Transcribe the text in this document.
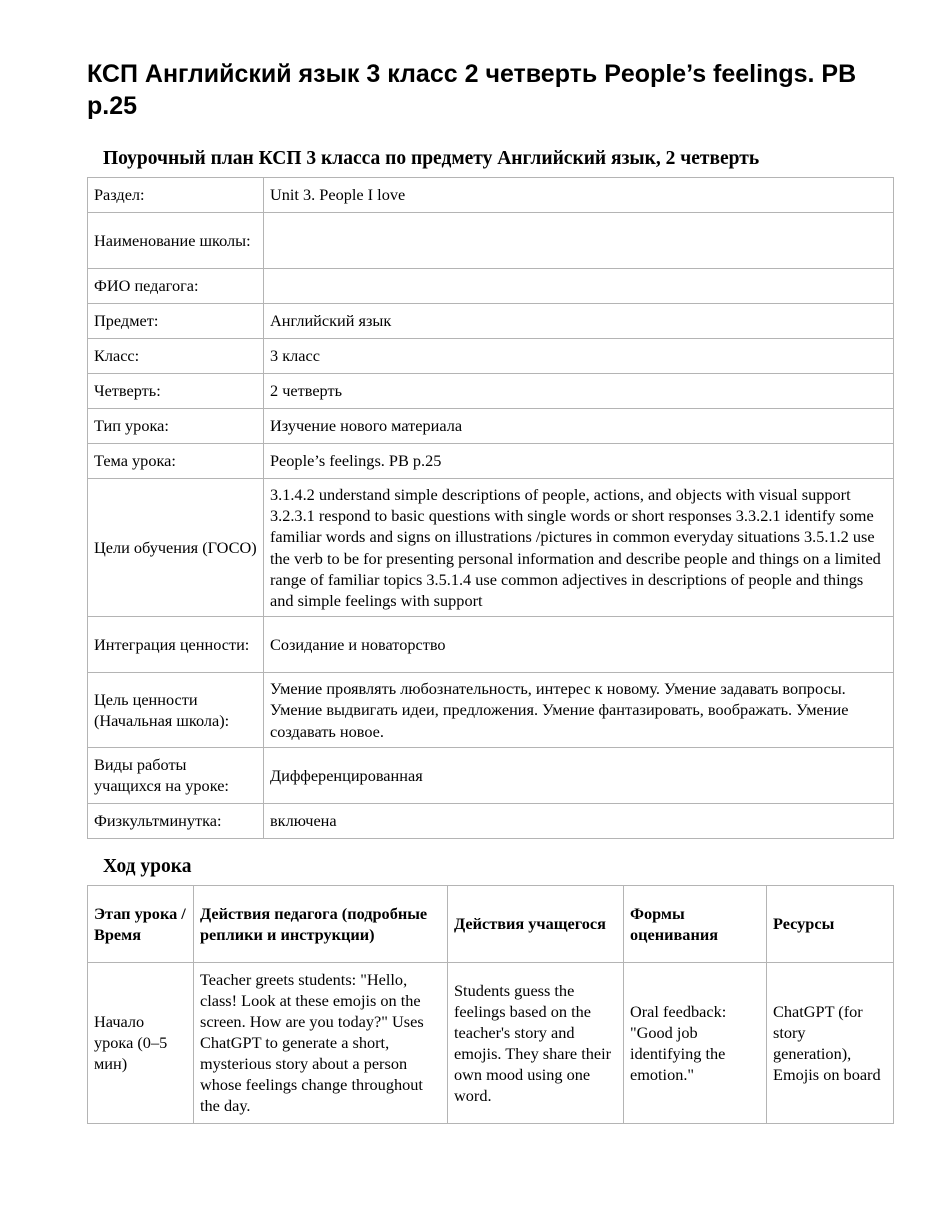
КСП Английский язык 3 класс 2 четверть People’s feelings. PB p.25
Поурочный план КСП 3 класса по предмету Английский язык, 2 четверть
Раздел:	Unit 3. People I love
Наименование школы:	
ФИО педагога:	
Предмет:	Английский язык
Класс:	3 класс
Четверть:	2 четверть
Тип урока:	Изучение нового материала
Тема урока:	People’s feelings. PB p.25
Цели обучения (ГОСО)	3.1.4.2 understand simple descriptions of people, actions, and objects with visual support 3.2.3.1 respond to basic questions with single words or short responses 3.3.2.1 identify some familiar words and signs on illustrations /pictures in common everyday situations 3.5.1.2 use the verb to be for presenting personal information and describe people and things on a limited range of familiar topics 3.5.1.4 use common adjectives in descriptions of people and things and simple feelings with support
Интеграция ценности:	Созидание и новаторство
Цель ценности (Начальная школа):	Умение проявлять любознательность, интерес к новому. Умение задавать вопросы. Умение выдвигать идеи, предложения. Умение фантазировать, воображать. Умение создавать новое.
Виды работы учащихся на уроке:	Дифференцированная
Физкультминутка:	включена
Ход урока
Этап урока / Время	Действия педагога (подробные реплики и инструкции)	Действия учащегося	Формы оценивания	Ресурсы
Начало урока (0–5 мин)	Teacher greets students: "Hello, class! Look at these emojis on the screen. How are you today?" Uses ChatGPT to generate a short, mysterious story about a person whose feelings change throughout the day.	Students guess the feelings based on the teacher's story and emojis. They share their own mood using one word.	Oral feedback: "Good job identifying the emotion."	ChatGPT (for story generation), Emojis on board
